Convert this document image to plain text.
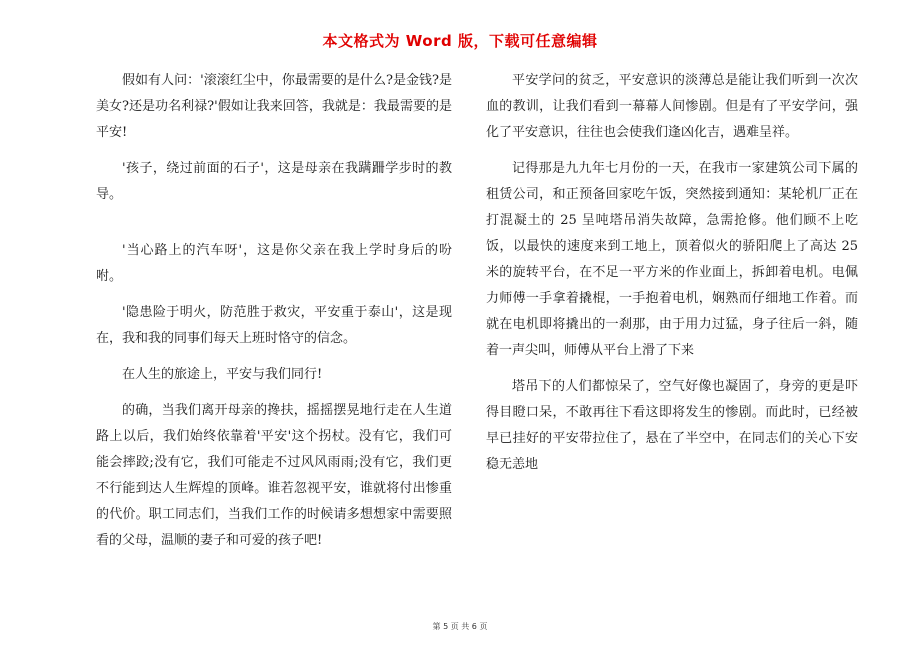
本文格式为 Word 版，下载可任意编辑

假如有人问：'滚滚红尘中，你最需要的是什么?是金钱?是美女?还是功名利禄?'假如让我来回答，我就是：我最需要的是平安!

'孩子，绕过前面的石子'，这是母亲在我蹒跚学步时的教导。

'当心路上的汽车呀'，这是你父亲在我上学时身后的吩咐。

'隐患险于明火，防范胜于救灾，平安重于泰山'，这是现在，我和我的同事们每天上班时恪守的信念。

在人生的旅途上，平安与我们同行!

的确，当我们离开母亲的搀扶，摇摇摆晃地行走在人生道路上以后，我们始终依靠着'平安'这个拐杖。没有它，我们可能会摔跤;没有它，我们可能走不过风风雨雨;没有它，我们更不行能到达人生辉煌的顶峰。谁若忽视平安，谁就将付出惨重的代价。职工同志们，当我们工作的时候请多想想家中需要照看的父母，温顺的妻子和可爱的孩子吧!

平安学问的贫乏，平安意识的淡薄总是能让我们听到一次次血的教训，让我们看到一幕幕人间惨剧。但是有了平安学问，强化了平安意识，往往也会使我们逢凶化吉，遇难呈祥。

记得那是九九年七月份的一天，在我市一家建筑公司下属的租赁公司，和正预备回家吃午饭，突然接到通知：某轮机厂正在打混凝土的 25 呈吨塔吊消失故障，急需抢修。他们顾不上吃饭，以最快的速度来到工地上，顶着似火的骄阳爬上了高达 25 米的旋转平台，在不足一平方米的作业面上，拆卸着电机。电佩力师傅一手拿着撬棍，一手抱着电机，娴熟而仔细地工作着。而就在电机即将撬出的一刹那，由于用力过猛，身子往后一斜，随着一声尖叫，师傅从平台上滑了下来

塔吊下的人们都惊呆了，空气好像也凝固了，身旁的更是吓得目瞪口呆，不敢再往下看这即将发生的惨剧。而此时，已经被早已挂好的平安带拉住了，悬在了半空中，在同志们的关心下安稳无恙地

第 5 页 共 6 页
